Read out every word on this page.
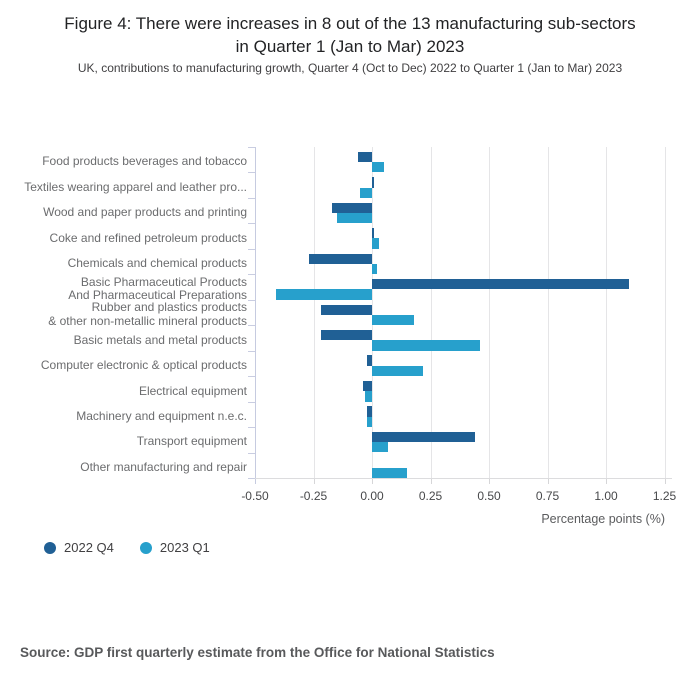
Figure 4: There were increases in 8 out of the 13 manufacturing sub-sectors
in Quarter 1 (Jan to Mar) 2023
UK, contributions to manufacturing growth, Quarter 4 (Oct to Dec) 2022 to Quarter 1 (Jan to Mar) 2023
-0.50	-0.25	0.00	0.25	0.50	0.75	1.00	1.25
Food products beverages and tobacco
Textiles wearing apparel and leather pro...
Wood and paper products and printing
Coke and refined petroleum products
Chemicals and chemical products
Basic Pharmaceutical Products
And Pharmaceutical Preparations
Rubber and plastics products
& other non-metallic mineral products
Basic metals and metal products
Computer electronic & optical products
Electrical equipment
Machinery and equipment n.e.c.
Transport equipment
Other manufacturing and repair
Percentage points (%)
2022 Q4	2023 Q1
Source: GDP first quarterly estimate from the Office for National Statistics
